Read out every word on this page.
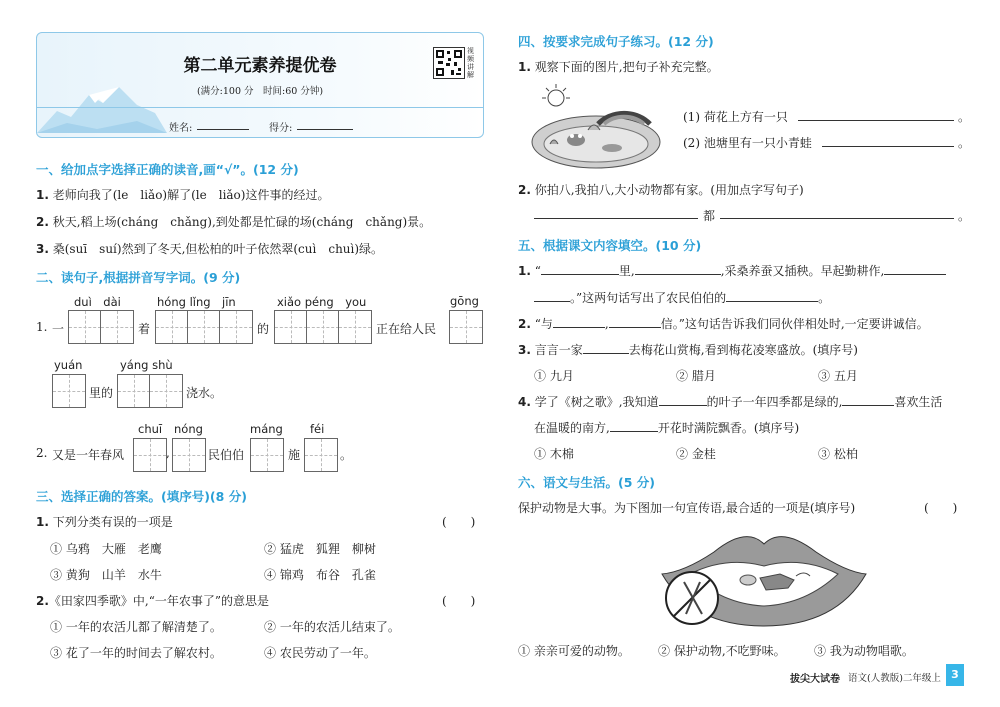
第二单元素养提优卷
(满分:100 分　时间:60 分钟)
姓名:	得分:
视频讲解
一、给加点字选择正确的读音,画“√”。(12 分)
1. 老师向我了(le　liǎo)解了(le　liǎo)这件事的经过。
2. 秋天,稻上场(cháng　chǎng),到处都是忙碌的场(cháng　chǎng)景。
3. 桑(suī　suí)然到了冬天,但松柏的叶子依然翠(cuì　chuì)绿。
二、读句子,根据拼音写字词。(9 分)
duì　dài	hóng lǐng　jīn	xiǎo péng　you	gōng
1. 一	着	的	正在给人民
yuán	yáng shù
里的	浇水。
chuī nóng	máng féi
2. 又是一年春风	,	民伯伯	施	。
三、选择正确的答案。(填序号)(8 分)
1. 下列分类有误的一项是	(　　)
① 乌鸦　大雁　老鹰	② 猛虎　狐狸　柳树
③ 黄狗　山羊　水牛	④ 锦鸡　布谷　孔雀
2.《田家四季歌》中,“一年农事了”的意思是	(　　)
① 一年的农活儿都了解清楚了。	② 一年的农活儿结束了。
③ 花了一年的时间去了解农村。	④ 农民劳动了一年。
四、按要求完成句子练习。(12 分)
1. 观察下面的图片,把句子补充完整。
(1) 荷花上方有一只	。
(2) 池塘里有一只小青蛙	。
2. 你拍八,我拍八,大小动物都有家。(用加点字写句子)
都	。
五、根据课文内容填空。(10 分)
1. “	里,	,采桑养蚕又插秧。早起勤耕作,
。”这两句话写出了农民伯伯的	。
2. “与	,	信。”这句话告诉我们同伙伴相处时,一定要讲诚信。
3. 言言一家	去梅花山赏梅,看到梅花凌寒盛放。(填序号)
① 九月	② 腊月	③ 五月
4. 学了《树之歌》,我知道	的叶子一年四季都是绿的,	喜欢生活
在温暖的南方,	开花时满院飘香。(填序号)
① 木棉	② 金桂	③ 松柏
六、语文与生活。(5 分)
保护动物是大事。为下图加一句宣传语,最合适的一项是(填序号)	(　　)
① 亲亲可爱的动物。 ② 保护动物,不吃野味。 ③ 我为动物唱歌。
拔尖大试卷 语文(人教版)二年级上 3
